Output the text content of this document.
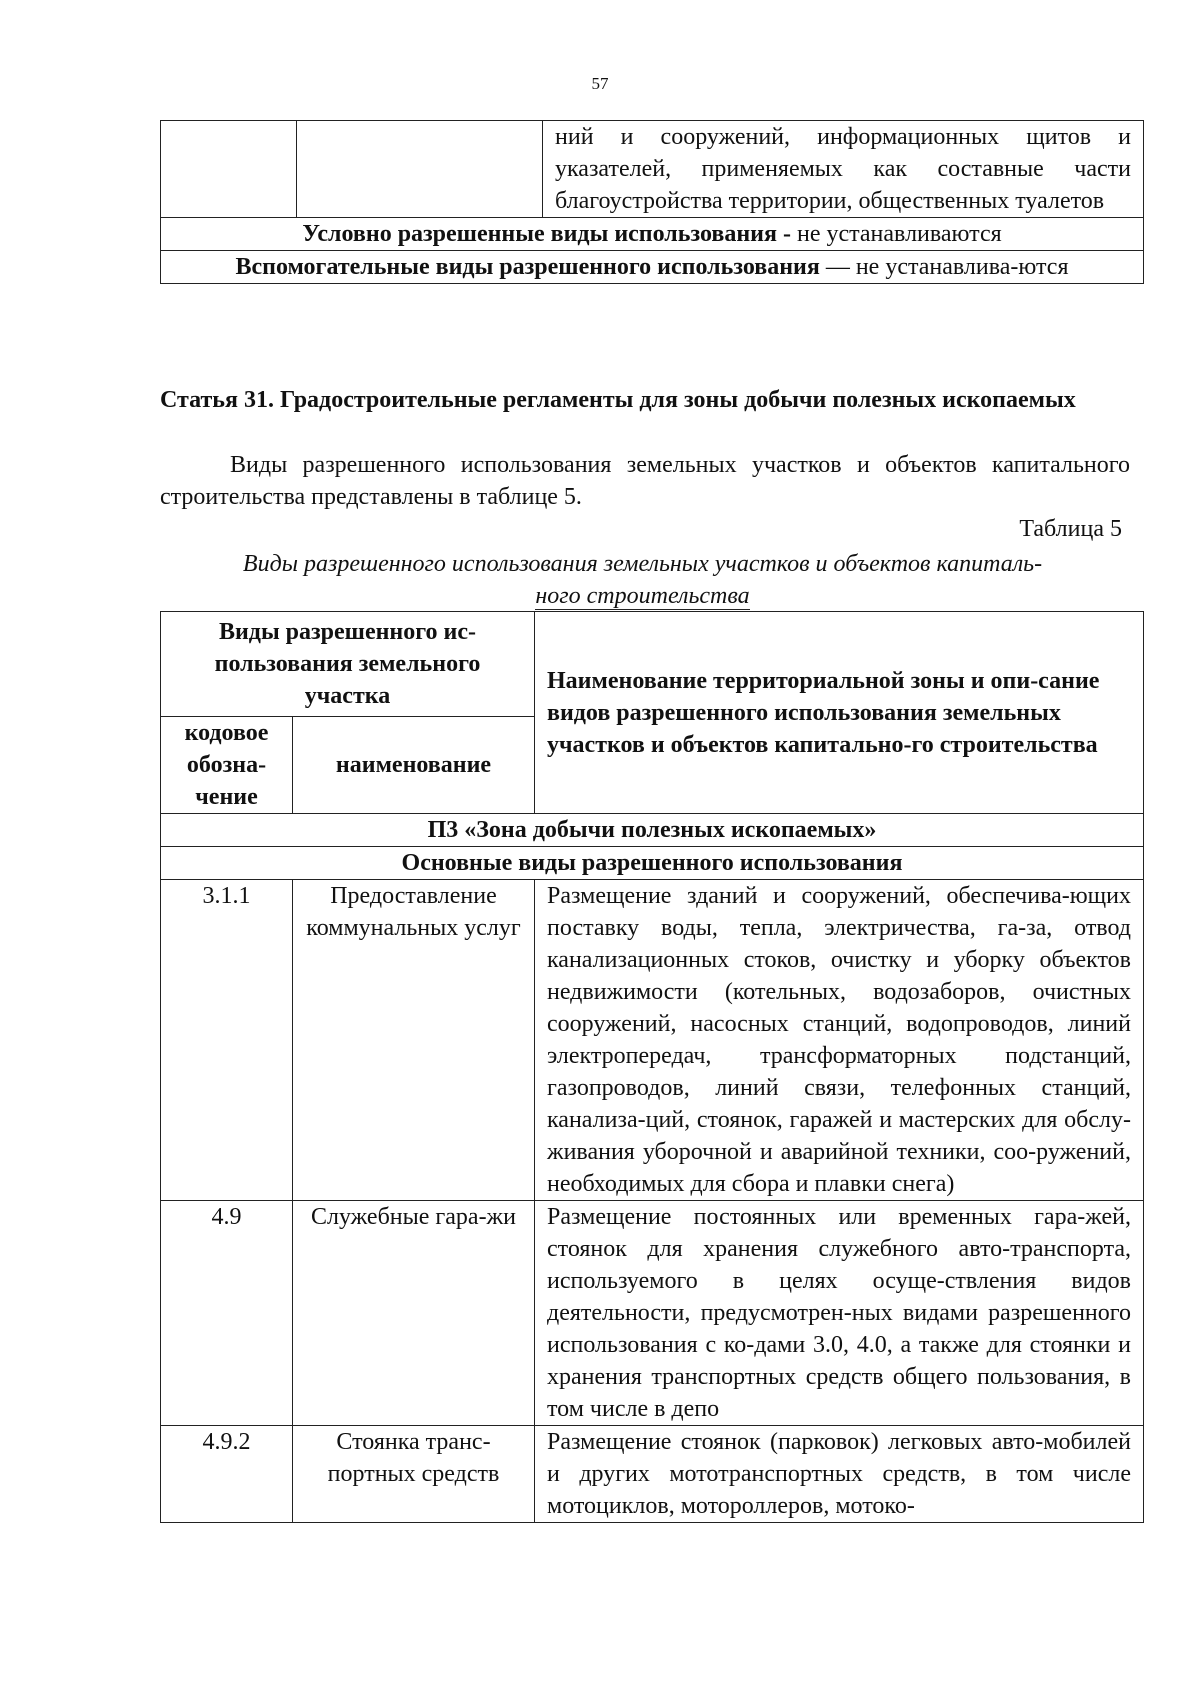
57
		ний и сооружений, информационных щитов и указателей, применяемых как составные части благоустройства территории, общественных туалетов
Условно разрешенные виды использования - не устанавливаются
Вспомогательные виды разрешенного использования — не устанавлива-ются
Статья 31. Градостроительные регламенты для зоны добычи полезных ископаемых
Виды разрешенного использования земельных участков и объектов капитального строительства представлены в таблице 5.
Таблица 5
Виды разрешенного использования земельных участков и объектов капиталь-
ного строительства
Виды разрешенного ис-пользования земельного участка		Наименование территориальной зоны и опи-сание видов разрешенного использования земельных участков и объектов капитально-го строительства
кодовое обозна-чение	наименование	
П3 «Зона добычи полезных ископаемых»		
Основные виды разрешенного использования		
3.1.1	Предоставление коммунальных услуг	Размещение зданий и сооружений, обеспечива-ющих поставку воды, тепла, электричества, га-за, отвод канализационных стоков, очистку и уборку объектов недвижимости (котельных, водозаборов, очистных сооружений, насосных станций, водопроводов, линий электропередач, трансформаторных подстанций, газопроводов, линий связи, телефонных станций, канализа-ций, стоянок, гаражей и мастерских для обслу-живания уборочной и аварийной техники, соо-ружений, необходимых для сбора и плавки снега)
4.9	Служебные гара-жи	Размещение постоянных или временных гара-жей, стоянок для хранения служебного авто-транспорта, используемого в целях осуще-ствления видов деятельности, предусмотрен-ных видами разрешенного использования с ко-дами 3.0, 4.0, а также для стоянки и хранения транспортных средств общего пользования, в том числе в депо
4.9.2	Стоянка транс-портных средств	Размещение стоянок (парковок) легковых авто-мобилей и других мототранспортных средств, в том числе мотоциклов, мотороллеров, мотоко-
